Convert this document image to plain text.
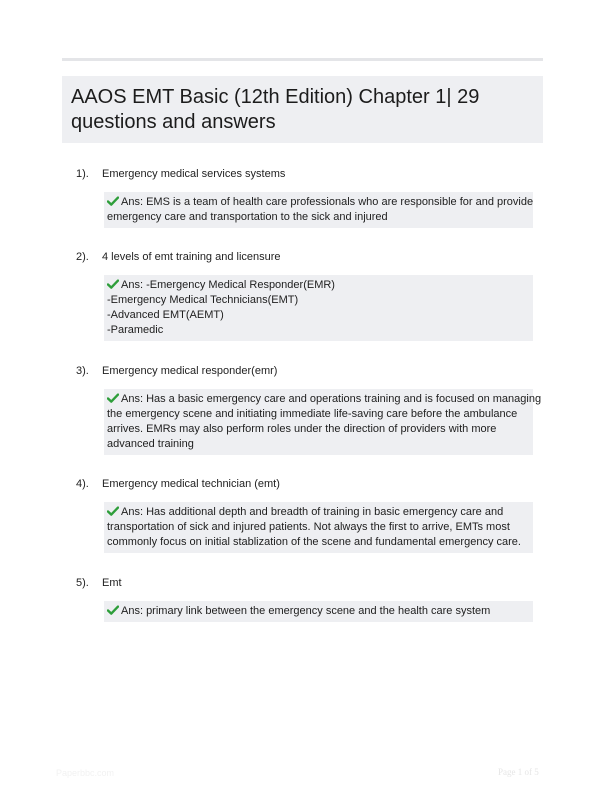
AAOS EMT Basic (12th Edition) Chapter 1| 29 questions and answers
1). Emergency medical services systems
Ans: EMS is a team of health care professionals who are responsible for and provide
emergency care and transportation to the sick and injured
2). 4 levels of emt training and licensure
Ans: -Emergency Medical Responder(EMR)
-Emergency Medical Technicians(EMT)
-Advanced EMT(AEMT)
-Paramedic
3). Emergency medical responder(emr)
Ans: Has a basic emergency care and operations training and is focused on managing
the emergency scene and initiating immediate life-saving care before the ambulance
arrives. EMRs may also perform roles under the direction of providers with more
advanced training
4). Emergency medical technician (emt)
Ans: Has additional depth and breadth of training in basic emergency care and
transportation of sick and injured patients. Not always the first to arrive, EMTs most
commonly focus on initial stablization of the scene and fundamental emergency care.
5). Emt
Ans: primary link between the emergency scene and the health care system
Paperbbc.com	Page 1 of 5
